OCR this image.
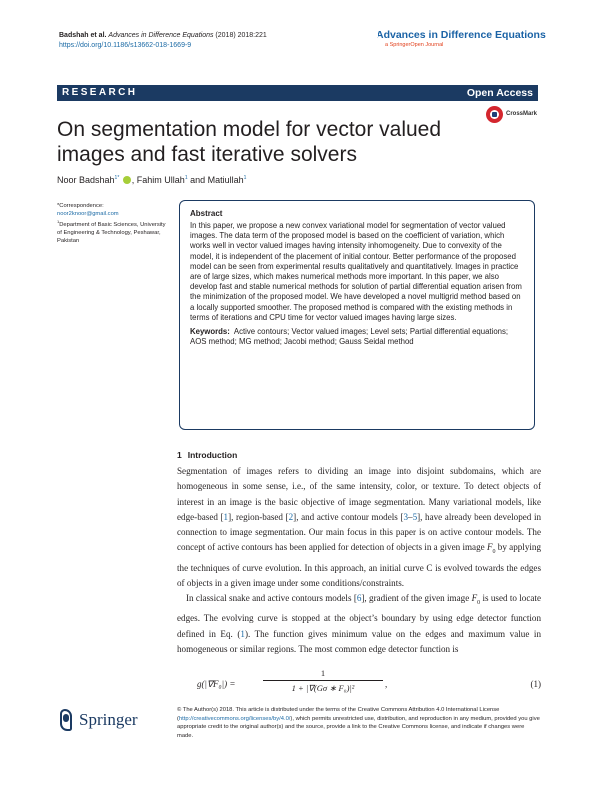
Badshah et al. Advances in Difference Equations (2018) 2018:221
https://doi.org/10.1186/s13662-018-1669-9
Advances in Difference Equations
a SpringerOpen Journal
RESEARCH	Open Access
CrossMark
On segmentation model for vector valued images and fast iterative solvers
Noor Badshah$^{1*}$ , Fahim Ullah$^1$ and Matiullah$^1$
*Correspondence:
noor2knoor@gmail.com
$^1$Department of Basic Sciences, University of Engineering & Technology, Peshawar, Pakistan
Abstract
In this paper, we propose a new convex variational model for segmentation of vector valued images. The data term of the proposed model is based on the coefficient of variation, which works well in vector valued images having intensity inhomogeneity. Due to convexity of the model, it is independent of the placement of initial contour. Better performance of the proposed model can be seen from experimental results qualitatively and quantitatively. Images in practice are of large sizes, which makes numerical methods more important. In this paper, we also develop fast and stable numerical methods for solution of partial differential equation arisen from the minimization of the proposed model. We have developed a novel multigrid method based on a locally supported smoother. The proposed method is compared with the existing methods in terms of iterations and CPU time for vector valued images having large sizes.
Keywords: Active contours; Vector valued images; Level sets; Partial differential equations; AOS method; MG method; Jacobi method; Gauss Seidal method
1 Introduction

Segmentation of images refers to dividing an image into disjoint subdomains, which are homogeneous in some sense, i.e., of the same intensity, color, or texture. To detect objects of interest in an image is the basic objective of image segmentation. Many variational models, like edge-based [1], region-based [2], and active contour models [3–5], have already been developed in connection to image segmentation. Our main focus in this paper is on active contour models. The concept of active contours has been applied for detection of objects in a given image $F_0$ by applying the techniques of curve evolution. In this approach, an initial curve C is evolved towards the edges of objects in a given image under some conditions/constraints.

In classical snake and active contours models [6], gradient of the given image $F_0$ is used to locate edges. The evolving curve is stopped at the object’s boundary by using edge detector function defined in Eq. (1). The function gives minimum value on the edges and maximum value in homogeneous or similar regions. The most common edge detector function is

g(|∇F₀|) =
1
1 + |∇(Gσ ∗ F₀)|²	,	(1)
Springer	© The Author(s) 2018. This article is distributed under the terms of the Creative Commons Attribution 4.0 International License (http://creativecommons.org/licenses/by/4.0/), which permits unrestricted use, distribution, and reproduction in any medium, provided you give appropriate credit to the original author(s) and the source, provide a link to the Creative Commons license, and indicate if changes were made.
